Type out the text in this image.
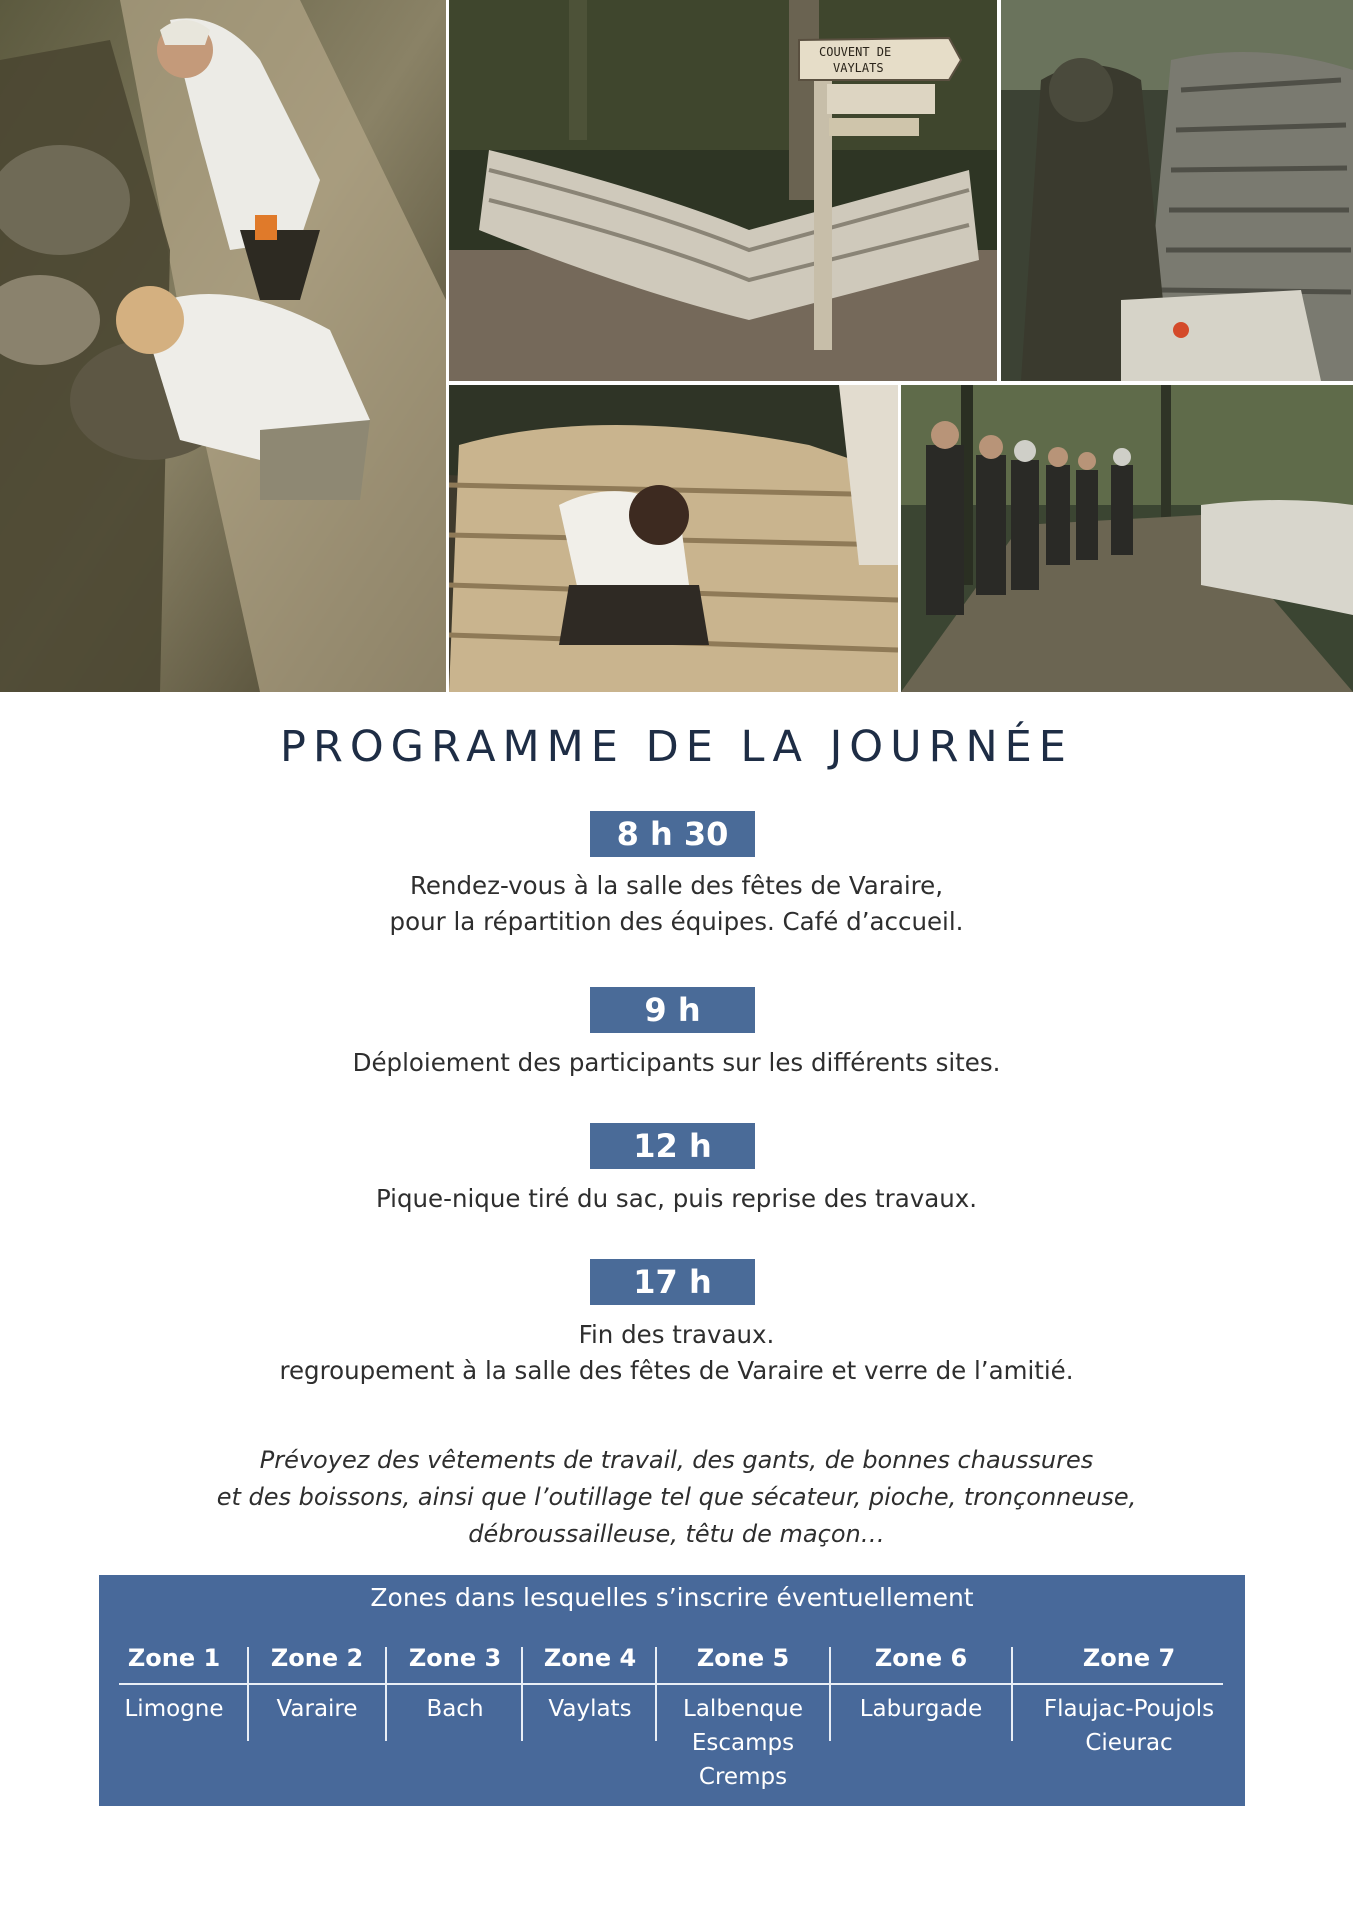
COUVENT DE
VAYLATS
PROGRAMME DE LA JOURNÉE
8 h 30
Rendez-vous à la salle des fêtes de Varaire,
pour la répartition des équipes. Café d’accueil.
9 h
Déploiement des participants sur les différents sites.
12 h
Pique-nique tiré du sac, puis reprise des travaux.
17 h
Fin des travaux.
regroupement à la salle des fêtes de Varaire et verre de l’amitié.
Prévoyez des vêtements de travail, des gants, de bonnes chaussures
et des boissons, ainsi que l’outillage tel que sécateur, pioche, tronçonneuse,
débroussailleuse, têtu de maçon…
Zones dans lesquelles s’inscrire éventuellement
Zone 1
Limogne
Zone 2
Varaire
Zone 3
Bach
Zone 4
Vaylats
Zone 5
Lalbenque
Escamps
Cremps
Zone 6
Laburgade
Zone 7
Flaujac-Poujols
Cieurac
